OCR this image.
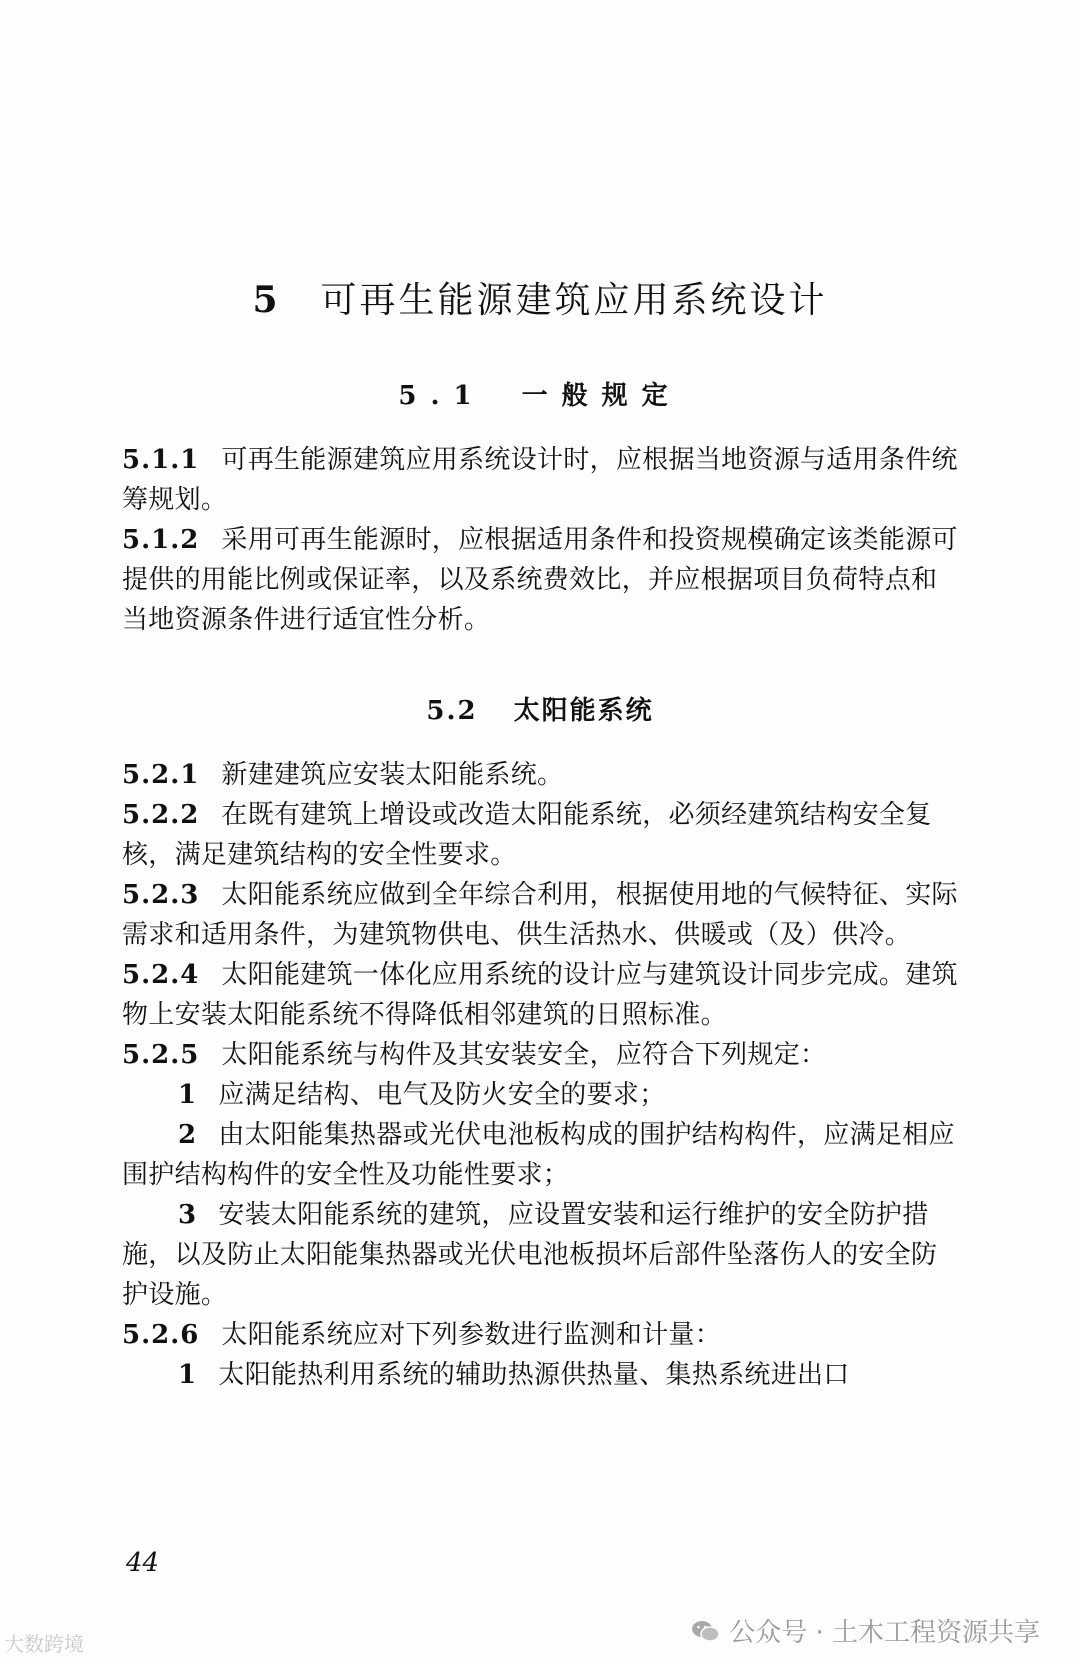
5 可再生能源建筑应用系统设计
5.1 一般规定

5.1.1 可再生能源建筑应用系统设计时，应根据当地资源与适用条件统筹规划。

5.1.2 采用可再生能源时，应根据适用条件和投资规模确定该类能源可提供的用能比例或保证率，以及系统费效比，并应根据项目负荷特点和当地资源条件进行适宜性分析。

5.2 太阳能系统

5.2.1 新建建筑应安装太阳能系统。

5.2.2 在既有建筑上增设或改造太阳能系统，必须经建筑结构安全复核，满足建筑结构的安全性要求。

5.2.3 太阳能系统应做到全年综合利用，根据使用地的气候特征、实际需求和适用条件，为建筑物供电、供生活热水、供暖或（及）供冷。

5.2.4 太阳能建筑一体化应用系统的设计应与建筑设计同步完成。建筑物上安装太阳能系统不得降低相邻建筑的日照标准。

5.2.5 太阳能系统与构件及其安装安全，应符合下列规定：

1 应满足结构、电气及防火安全的要求；

2 由太阳能集热器或光伏电池板构成的围护结构构件，应满足相应围护结构构件的安全性及功能性要求；

3 安装太阳能系统的建筑，应设置安装和运行维护的安全防护措施，以及防止太阳能集热器或光伏电池板损坏后部件坠落伤人的安全防护设施。

5.2.6 太阳能系统应对下列参数进行监测和计量：

1 太阳能热利用系统的辅助热源供热量、集热系统进出口

44
大数跨境	公众号 · 土木工程资源共享
